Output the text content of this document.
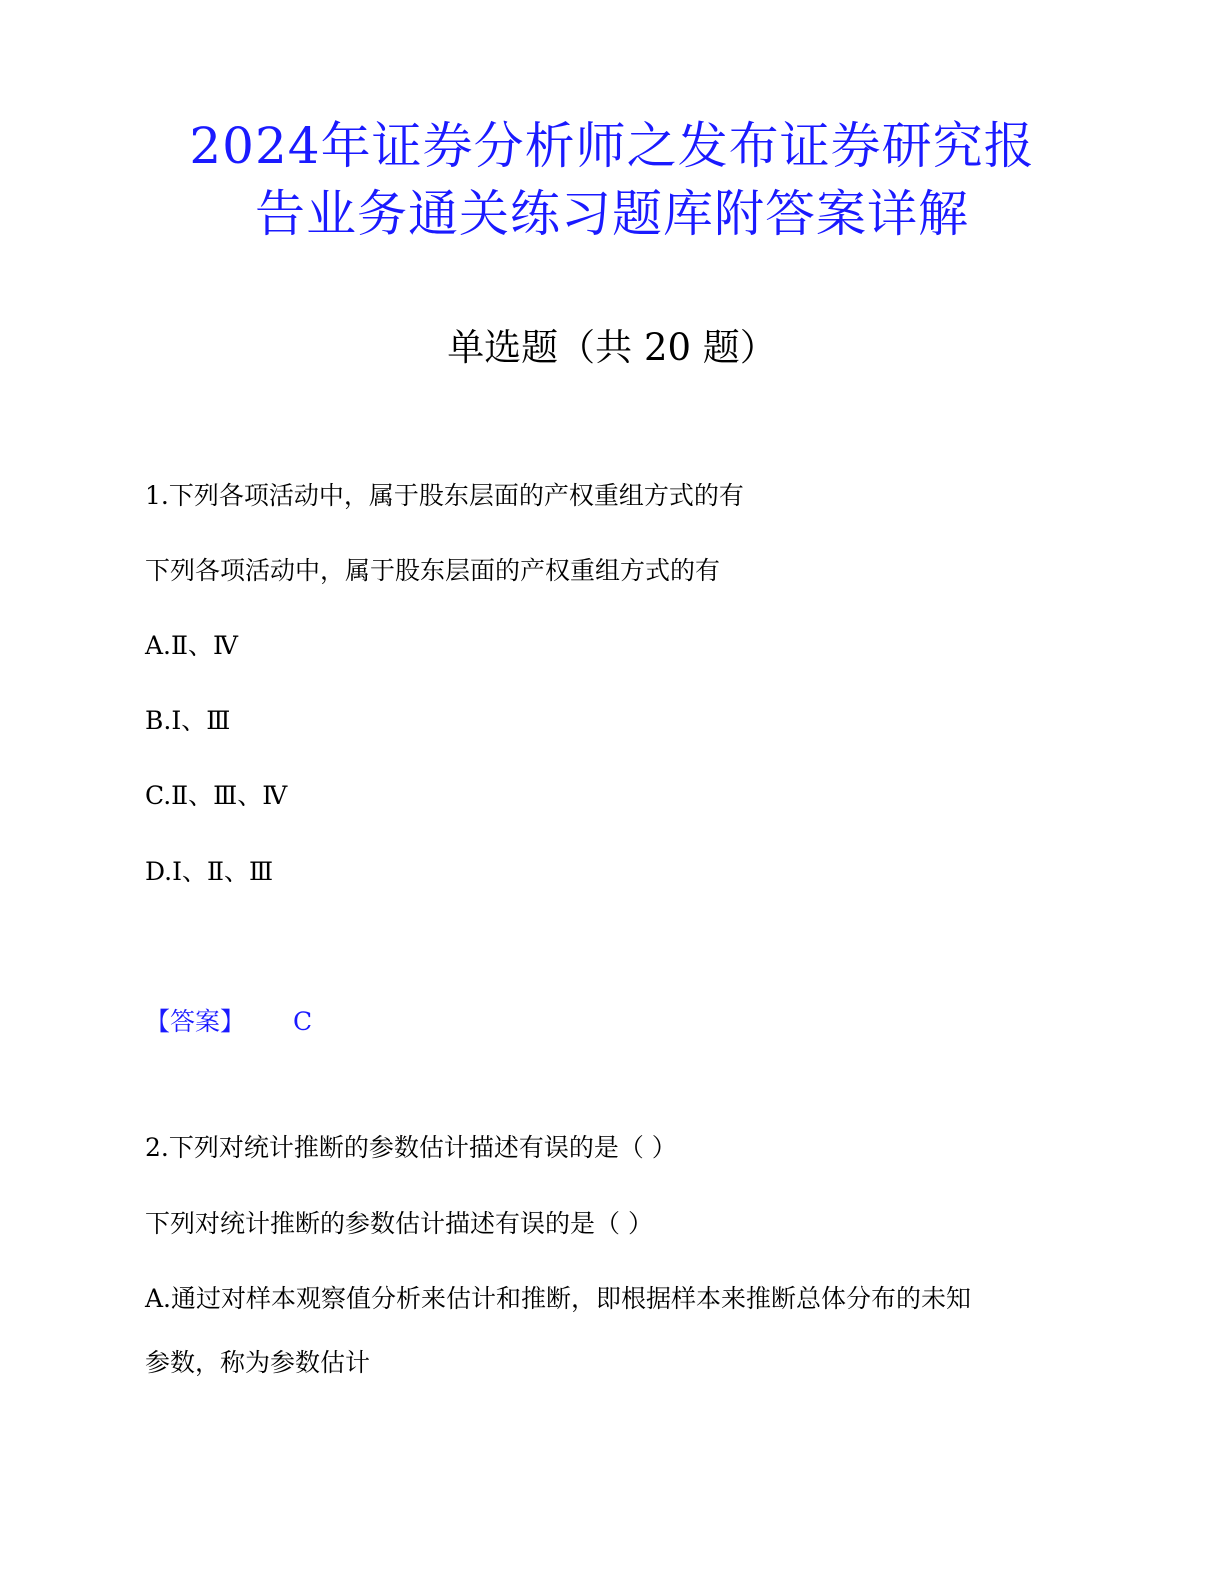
2024年证券分析师之发布证券研究报
告业务通关练习题库附答案详解
单选题（共 20 题）
1.下列各项活动中，属于股东层面的产权重组方式的有
下列各项活动中，属于股东层面的产权重组方式的有
A.Ⅱ、Ⅳ
B.Ⅰ、Ⅲ
C.Ⅱ、Ⅲ、Ⅳ
D.Ⅰ、Ⅱ、Ⅲ
【答案】 C
2.下列对统计推断的参数估计描述有误的是（ ）
下列对统计推断的参数估计描述有误的是（ ）
A.通过对样本观察值分析来估计和推断，即根据样本来推断总体分布的未知
参数，称为参数估计
